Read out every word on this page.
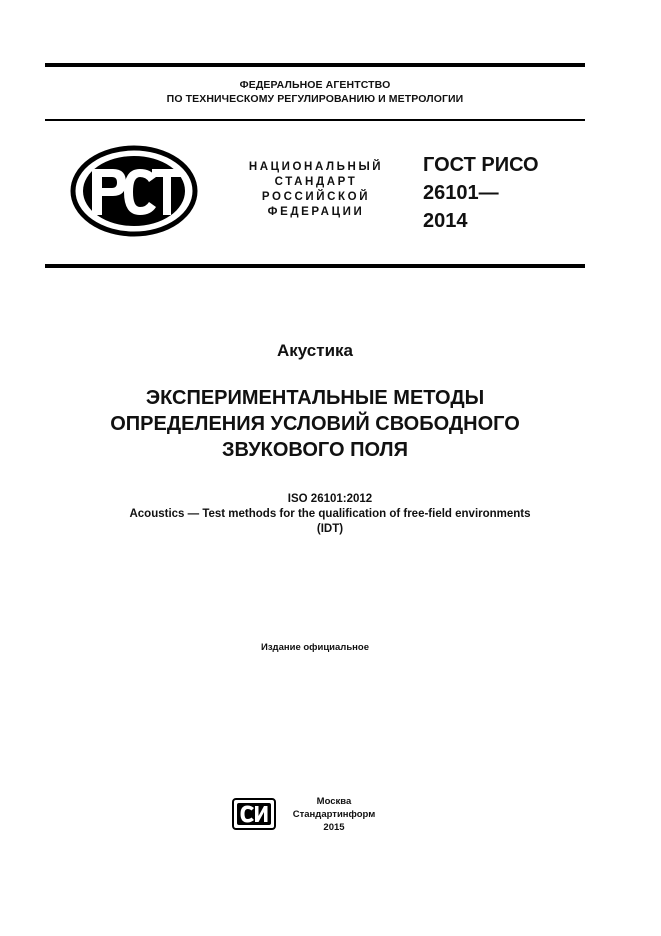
ФЕДЕРАЛЬНОЕ АГЕНТСТВО
ПО ТЕХНИЧЕСКОМУ РЕГУЛИРОВАНИЮ И МЕТРОЛОГИИ
НАЦИОНАЛЬНЫЙ
СТАНДАРТ
РОССИЙСКОЙ
ФЕДЕРАЦИИ
ГОСТ РИСО
26101—
2014
Акустика
ЭКСПЕРИМЕНТАЛЬНЫЕ МЕТОДЫ
ОПРЕДЕЛЕНИЯ УСЛОВИЙ СВОБОДНОГО
ЗВУКОВОГО ПОЛЯ
ISO 26101:2012
Acoustics — Test methods for the qualification of free-field environments
(IDT)
Издание официальное
Москва
Стандартинформ
2015
